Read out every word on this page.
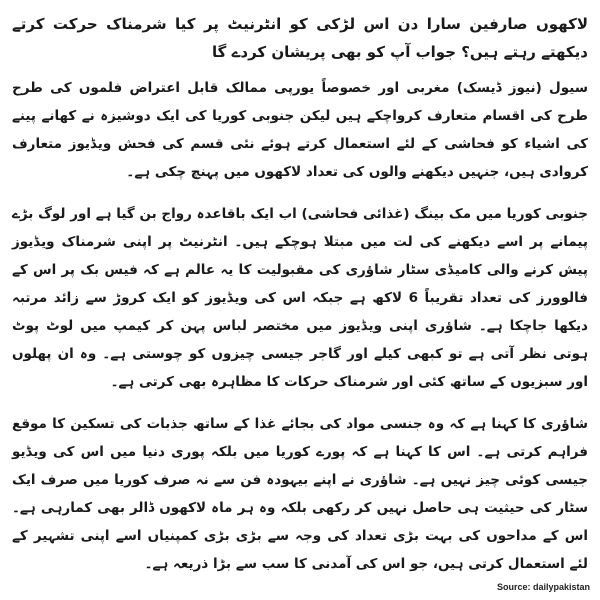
لاکھوں صارفین سارا دن اس لڑکی کو انٹرنیٹ پر کیا شرمناک حرکت کرتے دیکھتے رہتے ہیں؟ جواب آپ کو بھی پریشان کردے گا

سیول (نیوز ڈیسک) مغربی اور خصوصاً یورپی ممالک قابل اعتراض فلموں کی طرح طرح کی اقسام متعارف کرواچکے ہیں لیکن جنوبی کوریا کی ایک دوشیزہ نے کھانے پینے کی اشیاء کو فحاشی کے لئے استعمال کرتے ہوئے نئی قسم کی فحش ویڈیوز متعارف کروادی ہیں، جنہیں دیکھنے والوں کی تعداد لاکھوں میں پہنچ چکی ہے۔

جنوبی کوریا میں مک بینگ (غذائی فحاشی) اب ایک باقاعدہ رواج بن گیا ہے اور لوگ بڑے پیمانے پر اسے دیکھنے کی لت میں مبتلا ہوچکے ہیں۔ انٹرنیٹ پر اپنی شرمناک ویڈیوز پیش کرنے والی کامیڈی سٹار شاؤری کی مقبولیت کا یہ عالم ہے کہ فیس بک پر اس کے فالوورز کی تعداد تقریباً 6 لاکھ ہے جبکہ اس کی ویڈیوز کو ایک کروڑ سے زائد مرتبہ دیکھا جاچکا ہے۔ شاؤری اپنی ویڈیوز میں مختصر لباس پہن کر کیمپ میں لوٹ پوٹ ہوتی نظر آتی ہے تو کبھی کیلے اور گاجر جیسی چیزوں کو چوستی ہے۔ وہ ان پھلوں اور سبزیوں کے ساتھ کئی اور شرمناک حرکات کا مظاہرہ بھی کرتی ہے۔

شاؤری کا کہنا ہے کہ وہ جنسی مواد کی بجائے غذا کے ساتھ جذبات کی تسکین کا موقع فراہم کرتی ہے۔ اس کا کہنا ہے کہ پورے کوریا میں بلکہ پوری دنیا میں اس کی ویڈیو جیسی کوئی چیز نہیں ہے۔ شاؤری نے اپنے بیہودہ فن سے نہ صرف کوریا میں صرف ایک سٹار کی حیثیت ہی حاصل نہیں کر رکھی بلکہ وہ ہر ماہ لاکھوں ڈالر بھی کمارہی ہے۔ اس کے مداحوں کی بہت بڑی تعداد کی وجہ سے بڑی بڑی کمپنیاں اسے اپنی تشہیر کے لئے استعمال کرتی ہیں، جو اس کی آمدنی کا سب سے بڑا ذریعہ ہے۔

Source: dailypakistan
